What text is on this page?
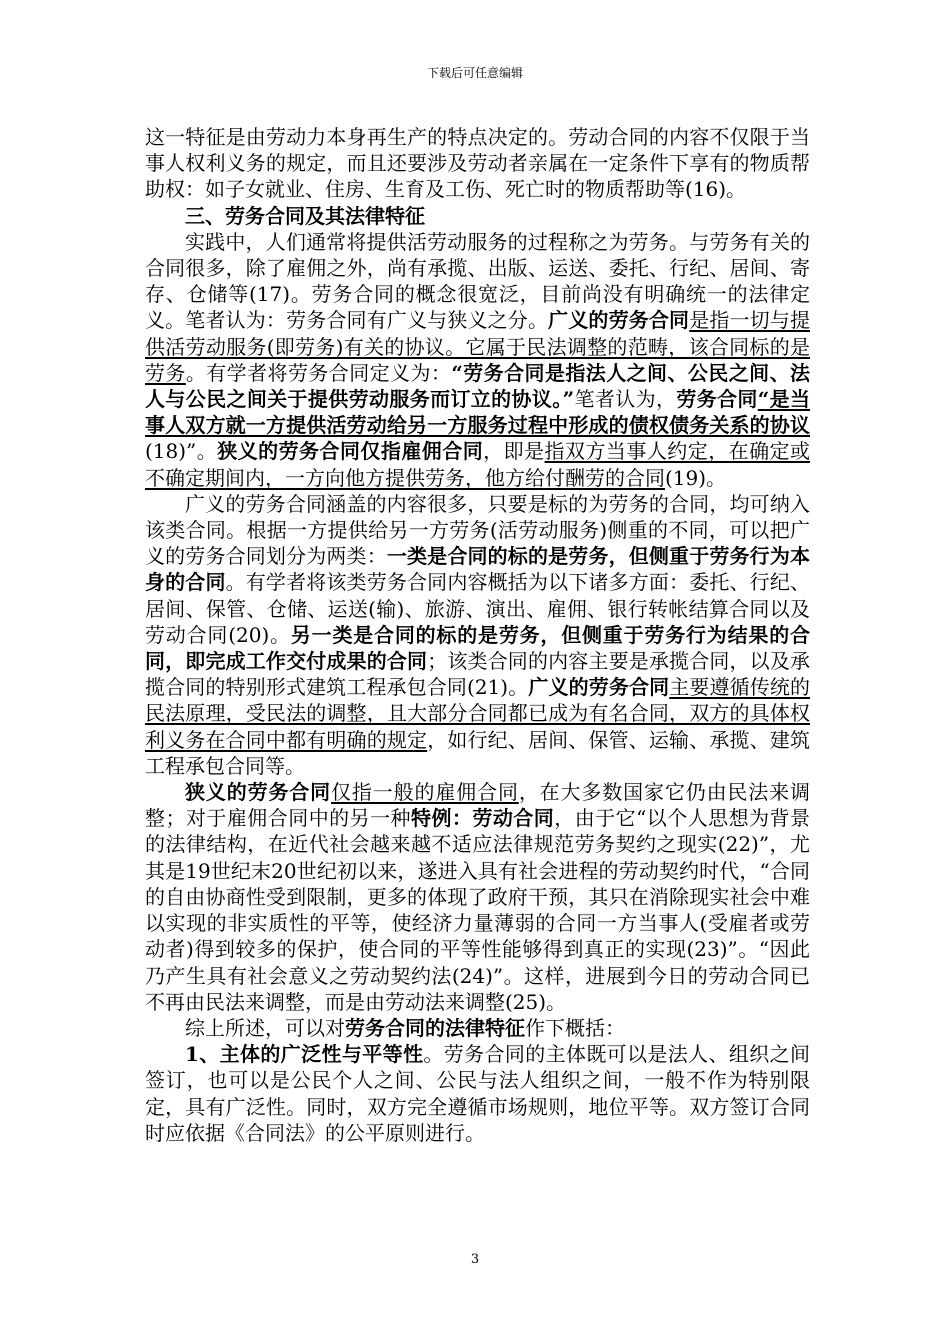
下载后可任意编辑

这一特征是由劳动力本身再生产的特点决定的。劳动合同的内容不仅限于当事人权利义务的规定，而且还要涉及劳动者亲属在一定条件下享有的物质帮助权：如子女就业、住房、生育及工伤、死亡时的物质帮助等(16)。

三、劳务合同及其法律特征

实践中，人们通常将提供活劳动服务的过程称之为劳务。与劳务有关的合同很多，除了雇佣之外，尚有承揽、出版、运送、委托、行纪、居间、寄存、仓储等(17)。劳务合同的概念很宽泛，目前尚没有明确统一的法律定义。笔者认为：劳务合同有广义与狭义之分。广义的劳务合同是指一切与提供活劳动服务(即劳务)有关的协议。它属于民法调整的范畴，该合同标的是劳务。有学者将劳务合同定义为：“劳务合同是指法人之间、公民之间、法人与公民之间关于提供劳动服务而订立的协议。”笔者认为，劳务合同“是当事人双方就一方提供活劳动给另一方服务过程中形成的债权债务关系的协议(18)”。狭义的劳务合同仅指雇佣合同，即是指双方当事人约定，在确定或不确定期间内，一方向他方提供劳务，他方给付酬劳的合同(19)。

广义的劳务合同涵盖的内容很多，只要是标的为劳务的合同，均可纳入该类合同。根据一方提供给另一方劳务(活劳动服务)侧重的不同，可以把广义的劳务合同划分为两类：一类是合同的标的是劳务，但侧重于劳务行为本身的合同。有学者将该类劳务合同内容概括为以下诸多方面：委托、行纪、居间、保管、仓储、运送(输)、旅游、演出、雇佣、银行转帐结算合同以及劳动合同(20)。另一类是合同的标的是劳务，但侧重于劳务行为结果的合同，即完成工作交付成果的合同；该类合同的内容主要是承揽合同，以及承揽合同的特别形式建筑工程承包合同(21)。广义的劳务合同主要遵循传统的民法原理，受民法的调整，且大部分合同都已成为有名合同，双方的具体权利义务在合同中都有明确的规定，如行纪、居间、保管、运输、承揽、建筑工程承包合同等。

狭义的劳务合同仅指一般的雇佣合同，在大多数国家它仍由民法来调整；对于雇佣合同中的另一种特例：劳动合同，由于它“以个人思想为背景的法律结构，在近代社会越来越不适应法律规范劳务契约之现实(22)”，尤其是19世纪末20世纪初以来，遂进入具有社会进程的劳动契约时代，“合同的自由协商性受到限制，更多的体现了政府干预，其只在消除现实社会中难以实现的非实质性的平等，使经济力量薄弱的合同一方当事人(受雇者或劳动者)得到较多的保护，使合同的平等性能够得到真正的实现(23)”。“因此乃产生具有社会意义之劳动契约法(24)”。这样，进展到今日的劳动合同已不再由民法来调整，而是由劳动法来调整(25)。

综上所述，可以对劳务合同的法律特征作下概括：

1、主体的广泛性与平等性。劳务合同的主体既可以是法人、组织之间签订，也可以是公民个人之间、公民与法人组织之间，一般不作为特别限定，具有广泛性。同时，双方完全遵循市场规则，地位平等。双方签订合同时应依据《合同法》的公平原则进行。

3
